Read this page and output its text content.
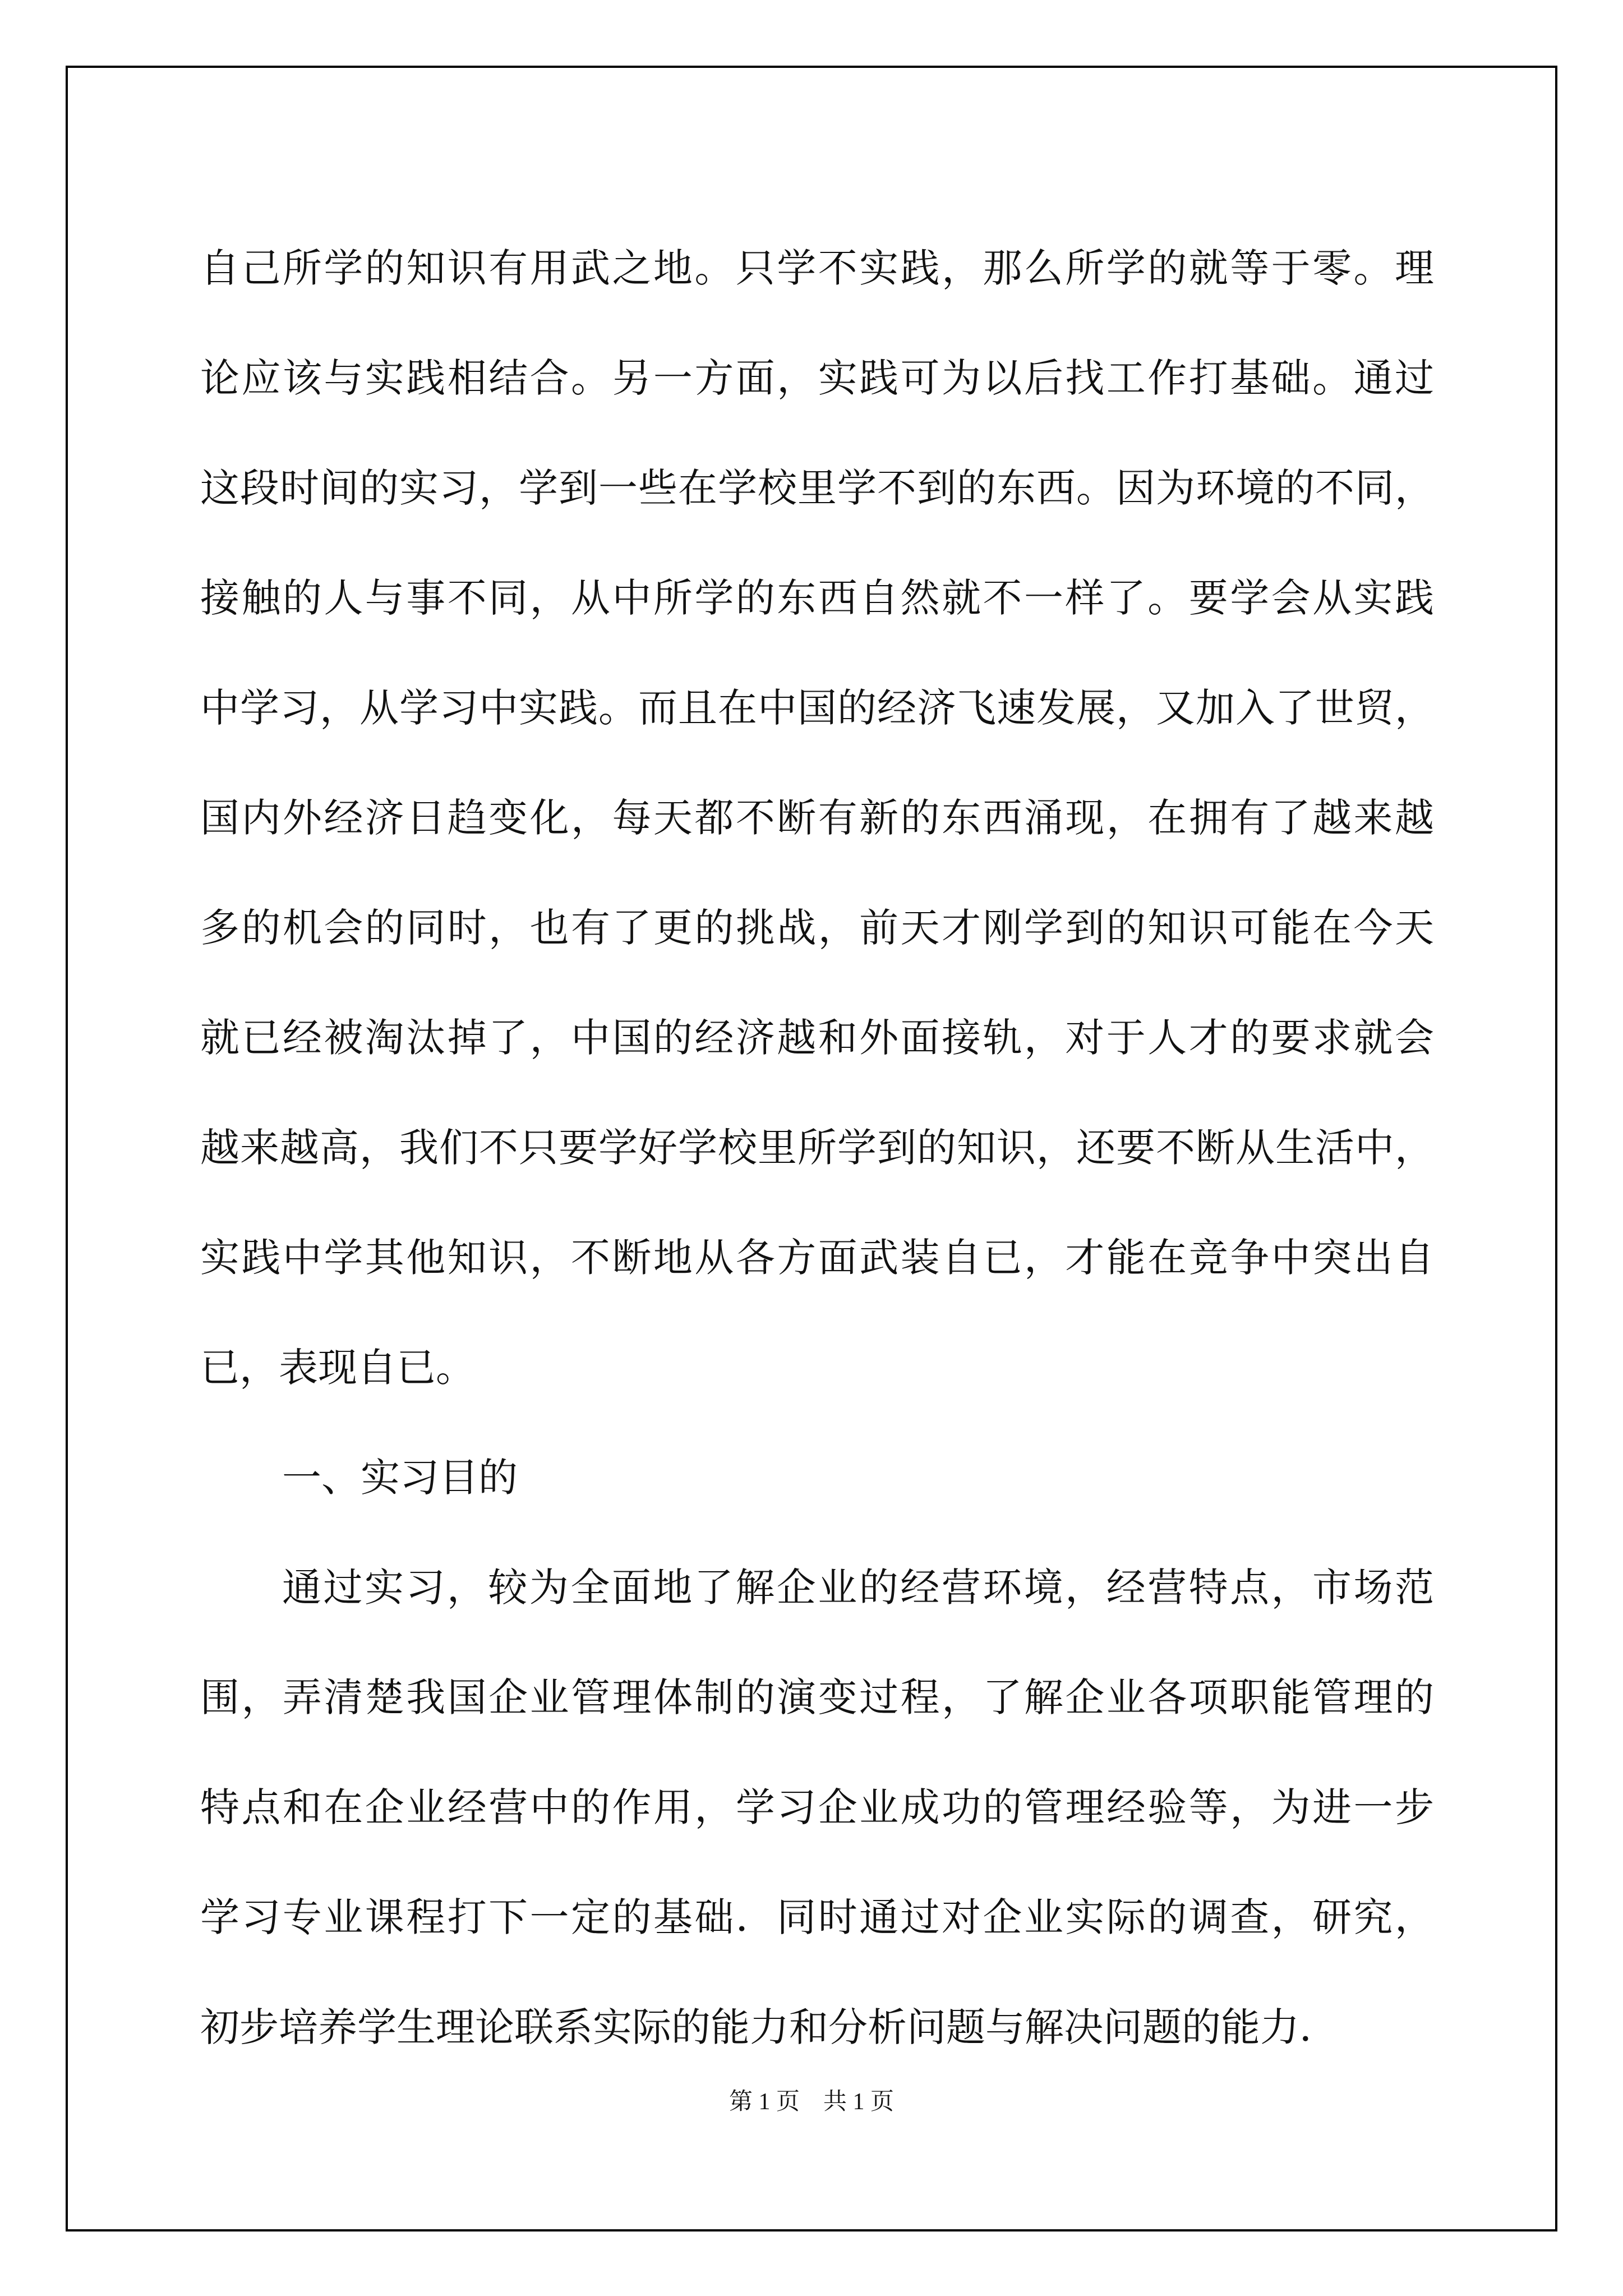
自己所学的知识有用武之地。只学不实践，那么所学的就等于零。理
论应该与实践相结合。另一方面，实践可为以后找工作打基础。通过
这段时间的实习，学到一些在学校里学不到的东西。因为环境的不同，
接触的人与事不同，从中所学的东西自然就不一样了。要学会从实践
中学习，从学习中实践。而且在中国的经济飞速发展，又加入了世贸，
国内外经济日趋变化，每天都不断有新的东西涌现，在拥有了越来越
多的机会的同时，也有了更的挑战，前天才刚学到的知识可能在今天
就已经被淘汰掉了，中国的经济越和外面接轨，对于人才的要求就会
越来越高，我们不只要学好学校里所学到的知识，还要不断从生活中，
实践中学其他知识，不断地从各方面武装自已，才能在竞争中突出自
已，表现自已。
一、实习目的
通过实习，较为全面地了解企业的经营环境，经营特点，市场范
围，弄清楚我国企业管理体制的演变过程，了解企业各项职能管理的
特点和在企业经营中的作用，学习企业成功的管理经验等，为进一步
学习专业课程打下一定的基础．同时通过对企业实际的调查，研究，
初步培养学生理论联系实际的能力和分析问题与解决问题的能力．
第 1 页　共 1 页
